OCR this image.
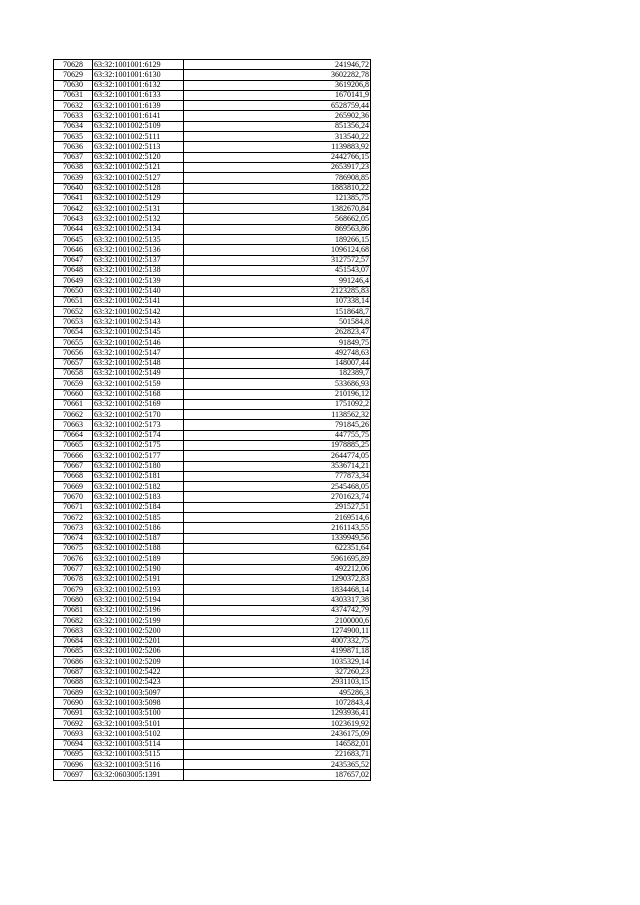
70628	63:32:1001001:6129	241946,72
70629	63:32:1001001:6130	3602282,78
70630	63:32:1001001:6132	3619206,8
70631	63:32:1001001:6133	1670141,9
70632	63:32:1001001:6139	6528759,44
70633	63:32:1001001:6141	265902,36
70634	63:32:1001002:5109	851356,24
70635	63:32:1001002:5111	313540,22
70636	63:32:1001002:5113	1139883,92
70637	63:32:1001002:5120	2442766,15
70638	63:32:1001002:5121	2653917,23
70639	63:32:1001002:5127	786908,85
70640	63:32:1001002:5128	1883810,22
70641	63:32:1001002:5129	121385,75
70642	63:32:1001002:5131	1382670,84
70643	63:32:1001002:5132	568662,05
70644	63:32:1001002:5134	869563,86
70645	63:32:1001002:5135	189266,15
70646	63:32:1001002:5136	1096124,68
70647	63:32:1001002:5137	3127572,57
70648	63:32:1001002:5138	451543,07
70649	63:32:1001002:5139	991246,4
70650	63:32:1001002:5140	2123285,83
70651	63:32:1001002:5141	107338,14
70652	63:32:1001002:5142	1518648,7
70653	63:32:1001002:5143	501584,8
70654	63:32:1001002:5145	262823,47
70655	63:32:1001002:5146	91849,75
70656	63:32:1001002:5147	492748,63
70657	63:32:1001002:5148	148007,44
70658	63:32:1001002:5149	182389,7
70659	63:32:1001002:5159	533686,93
70660	63:32:1001002:5168	210196,12
70661	63:32:1001002:5169	1751092,2
70662	63:32:1001002:5170	1138562,32
70663	63:32:1001002:5173	791845,26
70664	63:32:1001002:5174	447755,75
70665	63:32:1001002:5175	1978885,25
70666	63:32:1001002:5177	2644774,05
70667	63:32:1001002:5180	3536714,21
70668	63:32:1001002:5181	777873,34
70669	63:32:1001002:5182	2545468,05
70670	63:32:1001002:5183	2701623,74
70671	63:32:1001002:5184	291527,51
70672	63:32:1001002:5185	2169514,6
70673	63:32:1001002:5186	2161143,55
70674	63:32:1001002:5187	1339949,56
70675	63:32:1001002:5188	622351,64
70676	63:32:1001002:5189	5961695,89
70677	63:32:1001002:5190	492212,06
70678	63:32:1001002:5191	1290372,83
70679	63:32:1001002:5193	1834468,14
70680	63:32:1001002:5194	4303317,38
70681	63:32:1001002:5196	4374742,79
70682	63:32:1001002:5199	2100000,6
70683	63:32:1001002:5200	1274900,11
70684	63:32:1001002:5201	4007332,75
70685	63:32:1001002:5206	4199871,18
70686	63:32:1001002:5209	1035329,14
70687	63:32:1001002:5422	327260,23
70688	63:32:1001002:5423	2931103,15
70689	63:32:1001003:5097	495286,3
70690	63:32:1001003:5098	1072843,4
70691	63:32:1001003:5100	1293936,41
70692	63:32:1001003:5101	1023619,92
70693	63:32:1001003:5102	2436175,09
70694	63:32:1001003:5114	146582,01
70695	63:32:1001003:5115	221683,71
70696	63:32:1001003:5116	2435365,52
70697	63:32:0603005:1391	187657,02
